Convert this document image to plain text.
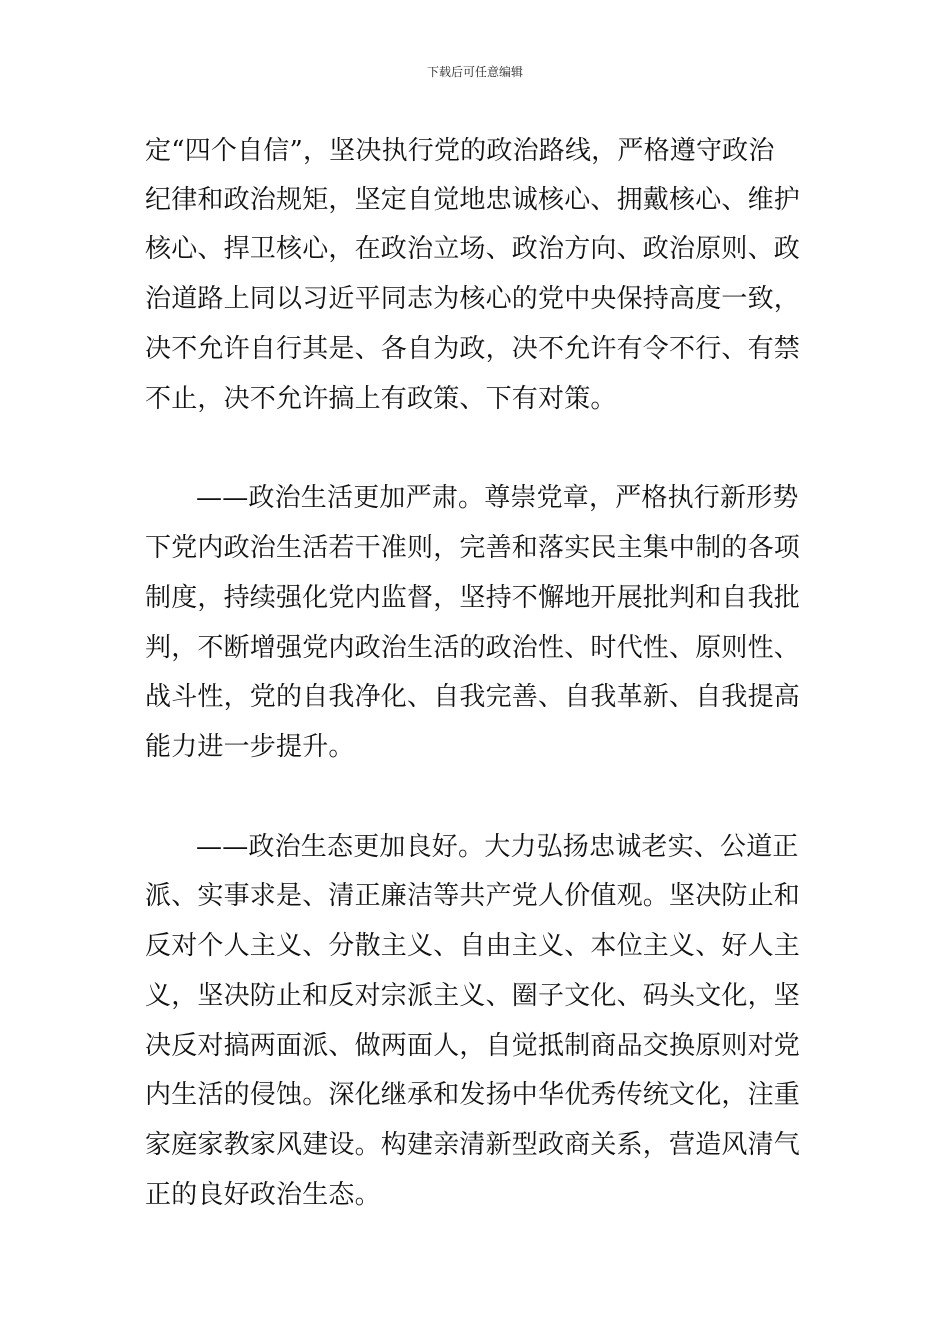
下载后可任意编辑
定“四个自信”，坚决执行党的政治路线，严格遵守政治
纪律和政治规矩，坚定自觉地忠诚核心、拥戴核心、维护
核心、捍卫核心，在政治立场、政治方向、政治原则、政
治道路上同以习近平同志为核心的党中央保持高度一致，
决不允许自行其是、各自为政，决不允许有令不行、有禁
不止，决不允许搞上有政策、下有对策。
——政治生活更加严肃。尊崇党章，严格执行新形势
下党内政治生活若干准则，完善和落实民主集中制的各项
制度，持续强化党内监督，坚持不懈地开展批判和自我批
判，不断增强党内政治生活的政治性、时代性、原则性、
战斗性，党的自我净化、自我完善、自我革新、自我提高
能力进一步提升。
——政治生态更加良好。大力弘扬忠诚老实、公道正
派、实事求是、清正廉洁等共产党人价值观。坚决防止和
反对个人主义、分散主义、自由主义、本位主义、好人主
义，坚决防止和反对宗派主义、圈子文化、码头文化，坚
决反对搞两面派、做两面人，自觉抵制商品交换原则对党
内生活的侵蚀。深化继承和发扬中华优秀传统文化，注重
家庭家教家风建设。构建亲清新型政商关系，营造风清气
正的良好政治生态。
